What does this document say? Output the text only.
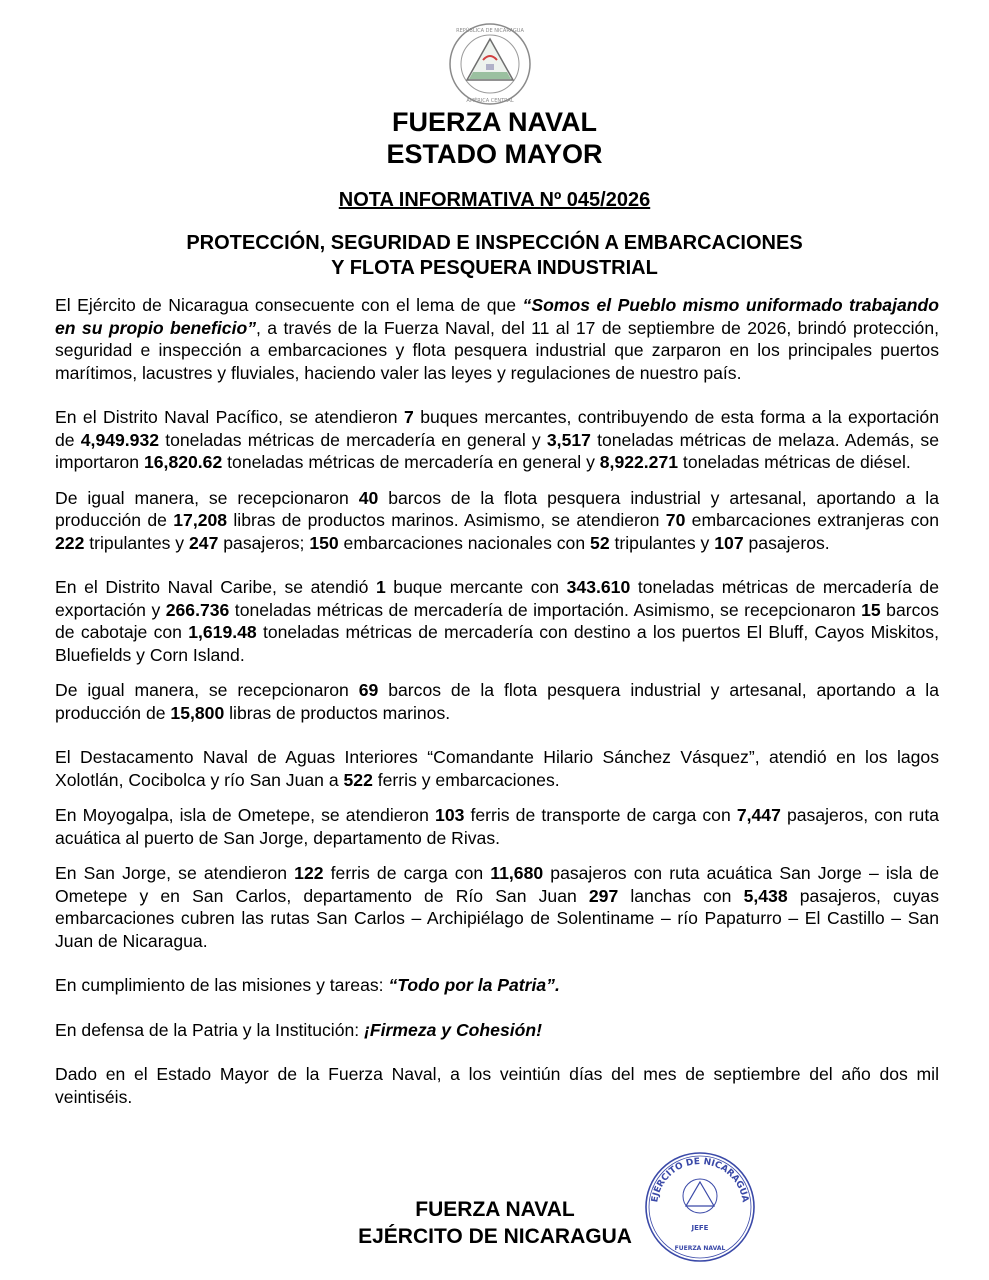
REPÚBLICA DE NICARAGUA
AMÉRICA CENTRAL
FUERZA NAVAL
ESTADO MAYOR
NOTA INFORMATIVA Nº 045/2026
PROTECCIÓN, SEGURIDAD E INSPECCIÓN A EMBARCACIONES
Y FLOTA PESQUERA INDUSTRIAL

El Ejército de Nicaragua consecuente con el lema de que “Somos el Pueblo mismo uniformado trabajando en su propio beneficio”, a través de la Fuerza Naval, del 11 al 17 de septiembre de 2026, brindó protección, seguridad e inspección a embarcaciones y flota pesquera industrial que zarparon en los principales puertos marítimos, lacustres y fluviales, haciendo valer las leyes y regulaciones de nuestro país.

En el Distrito Naval Pacífico, se atendieron 7 buques mercantes, contribuyendo de esta forma a la exportación de 4,949.932 toneladas métricas de mercadería en general y 3,517 toneladas métricas de melaza. Además, se importaron 16,820.62 toneladas métricas de mercadería en general y 8,922.271 toneladas métricas de diésel.

De igual manera, se recepcionaron 40 barcos de la flota pesquera industrial y artesanal, aportando a la producción de 17,208 libras de productos marinos. Asimismo, se atendieron 70 embarcaciones extranjeras con 222 tripulantes y 247 pasajeros; 150 embarcaciones nacionales con 52 tripulantes y 107 pasajeros.

En el Distrito Naval Caribe, se atendió 1 buque mercante con 343.610 toneladas métricas de mercadería de exportación y 266.736 toneladas métricas de mercadería de importación. Asimismo, se recepcionaron 15 barcos de cabotaje con 1,619.48 toneladas métricas de mercadería con destino a los puertos El Bluff, Cayos Miskitos, Bluefields y Corn Island.

De igual manera, se recepcionaron 69 barcos de la flota pesquera industrial y artesanal, aportando a la producción de 15,800 libras de productos marinos.

El Destacamento Naval de Aguas Interiores “Comandante Hilario Sánchez Vásquez”, atendió en los lagos Xolotlán, Cocibolca y río San Juan a 522 ferris y embarcaciones.

En Moyogalpa, isla de Ometepe, se atendieron 103 ferris de transporte de carga con 7,447 pasajeros, con ruta acuática al puerto de San Jorge, departamento de Rivas.

En San Jorge, se atendieron 122 ferris de carga con 11,680 pasajeros con ruta acuática San Jorge – isla de Ometepe y en San Carlos, departamento de Río San Juan 297 lanchas con 5,438 pasajeros, cuyas embarcaciones cubren las rutas San Carlos – Archipiélago de Solentiname – río Papaturro – El Castillo – San Juan de Nicaragua.

En cumplimiento de las misiones y tareas: “Todo por la Patria”.

En defensa de la Patria y la Institución: ¡Firmeza y Cohesión!

Dado en el Estado Mayor de la Fuerza Naval, a los veintiún días del mes de septiembre del año dos mil veintiséis.

FUERZA NAVAL
EJÉRCITO DE NICARAGUA
EJÉRCITO DE NICARAGUA
JEFE
FUERZA NAVAL
